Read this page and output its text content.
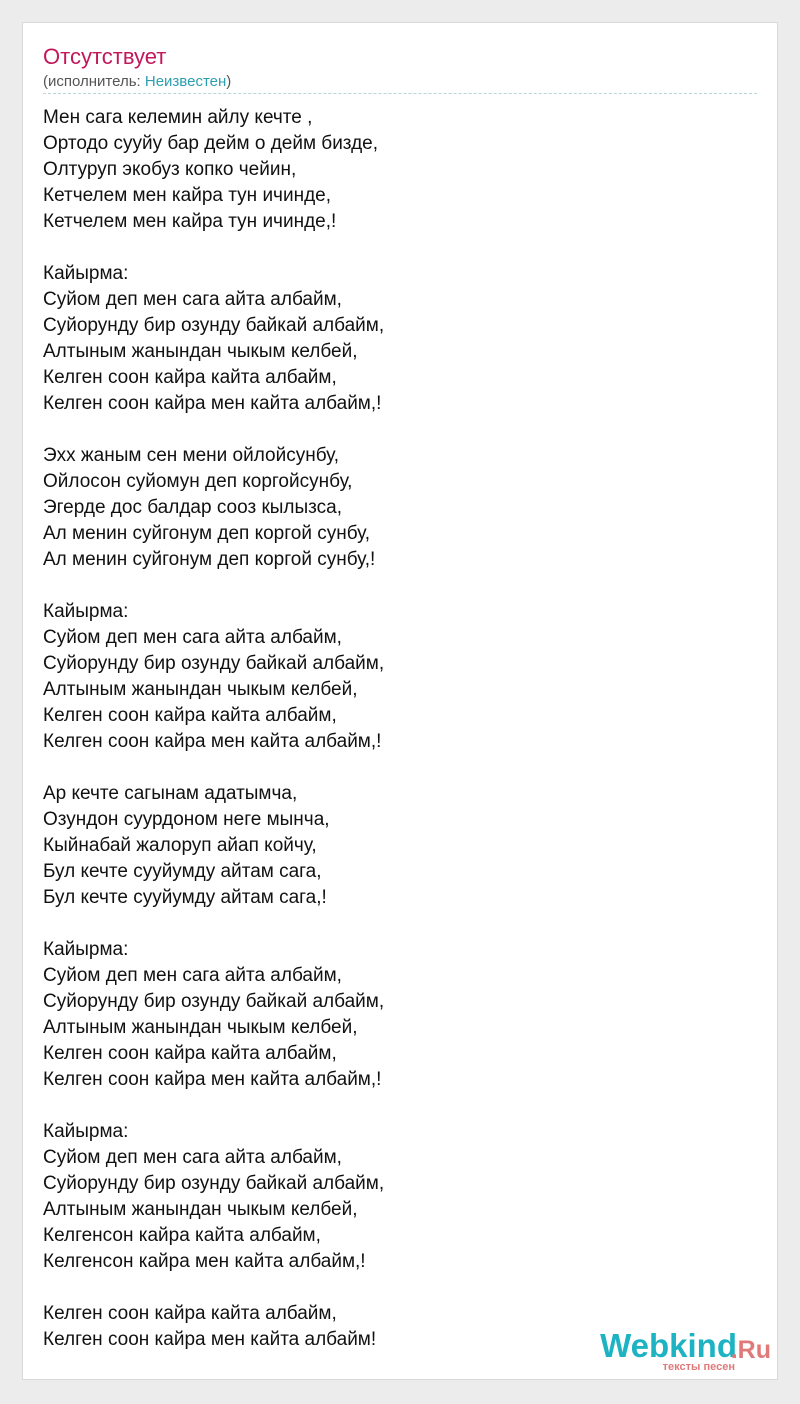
Отсутствует
(исполнитель: Неизвестен)
Мен сага келемин айлу кечте ,
Ортодо сууйу бар дейм о дейм бизде,
Олтуруп экобуз копко чейин,
Кетчелем мен кайра тун ичинде,
Кетчелем мен кайра тун ичинде,!
Кайырма:
Суйом деп мен сага айта албайм,
Суйорунду бир озунду байкай албайм,
Алтыным жанындан чыкым келбей,
Келген соон кайра кайта албайм,
Келген соон кайра мен кайта албайм,!
Эхх жаным сен мени ойлойсунбу,
Ойлосон суйомун деп коргойсунбу,
Эгерде дос балдар сооз кылызса,
Ал менин суйгонум деп коргой сунбу,
Ал менин суйгонум деп коргой сунбу,!
Кайырма:
Суйом деп мен сага айта албайм,
Суйорунду бир озунду байкай албайм,
Алтыным жанындан чыкым келбей,
Келген соон кайра кайта албайм,
Келген соон кайра мен кайта албайм,!
Ар кечте сагынам адатымча,
Озундон суурдоном неге мынча,
Кыйнабай жалоруп айап койчу,
Бул кечте сууйумду айтам сага,
Бул кечте сууйумду айтам сага,!
Кайырма:
Суйом деп мен сага айта албайм,
Суйорунду бир озунду байкай албайм,
Алтыным жанындан чыкым келбей,
Келген соон кайра кайта албайм,
Келген соон кайра мен кайта албайм,!
Кайырма:
Суйом деп мен сага айта албайм,
Суйорунду бир озунду байкай албайм,
Алтыным жанындан чыкым келбей,
Келгенсон кайра кайта албайм,
Келгенсон кайра мен кайта албайм,!
Келген соон кайра кайта албайм,
Келген соон кайра мен кайта албайм!	Webkind
.Ru
тексты песен
